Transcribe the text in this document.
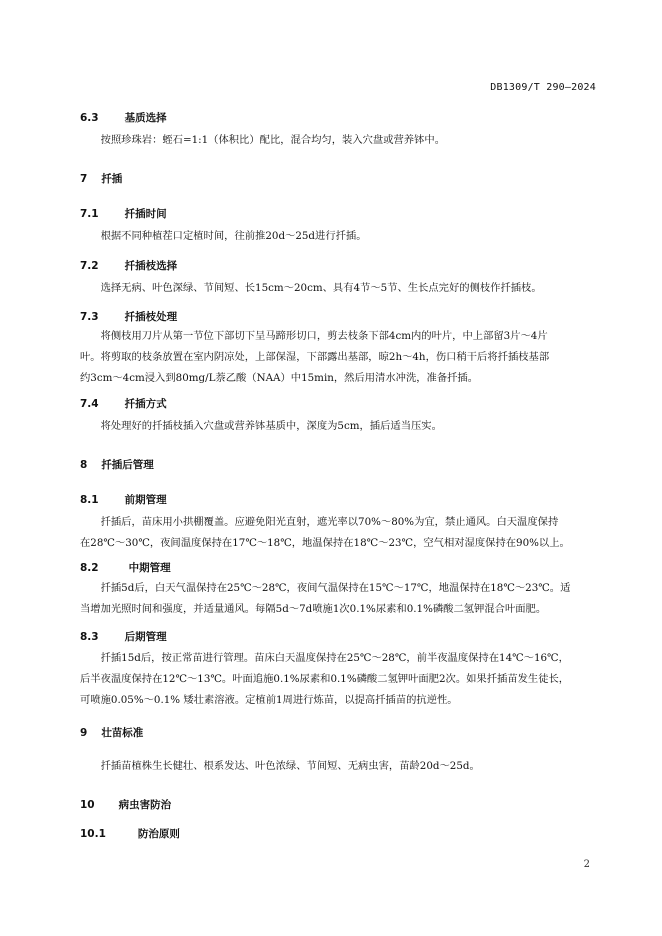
DB1309/T 290—2024
6.3 基质选择
　　按照珍珠岩：蛭石=1:1（体积比）配比，混合均匀，装入穴盘或营养钵中。
7 扦插
7.1 扦插时间
　　根据不同种植茬口定植时间，往前推20d～25d进行扦插。
7.2 扦插枝选择
　　选择无病、叶色深绿、节间短、长15cm～20cm、具有4节～5节、生长点完好的侧枝作扦插枝。
7.3 扦插枝处理
　　将侧枝用刀片从第一节位下部切下呈马蹄形切口，剪去枝条下部4cm内的叶片，中上部留3片～4片
叶。将剪取的枝条放置在室内阴凉处，上部保湿，下部露出基部，晾2h～4h，伤口稍干后将扦插枝基部
约3cm～4cm浸入到80mg/L萘乙酸（NAA）中15min，然后用清水冲洗，准备扦插。
7.4 扦插方式
　　将处理好的扦插枝插入穴盘或营养钵基质中，深度为5cm，插后适当压实。
8 扦插后管理
8.1 前期管理
　　扦插后，苗床用小拱棚覆盖。应避免阳光直射，遮光率以70%～80%为宜，禁止通风。白天温度保持
在28℃～30℃，夜间温度保持在17℃～18℃，地温保持在18℃～23℃，空气相对湿度保持在90%以上。
8.2	中期管理
　　扦插5d后，白天气温保持在25℃～28℃，夜间气温保持在15℃～17℃，地温保持在18℃～23℃。适
当增加光照时间和强度，并适量通风。每隔5d～7d喷施1次0.1%尿素和0.1%磷酸二氢钾混合叶面肥。
8.3 后期管理
　　扦插15d后，按正常苗进行管理。苗床白天温度保持在25℃～28℃，前半夜温度保持在14℃～16℃，
后半夜温度保持在12℃～13℃。叶面追施0.1%尿素和0.1%磷酸二氢钾叶面肥2次。如果扦插苗发生徒长，
可喷施0.05%～0.1% 矮壮素溶液。定植前1周进行炼苗，以提高扦插苗的抗逆性。
9 壮苗标准
　　扦插苗植株生长健壮、根系发达、叶色浓绿、节间短、无病虫害，苗龄20d～25d。
10 病虫害防治
10.1	防治原则
2
